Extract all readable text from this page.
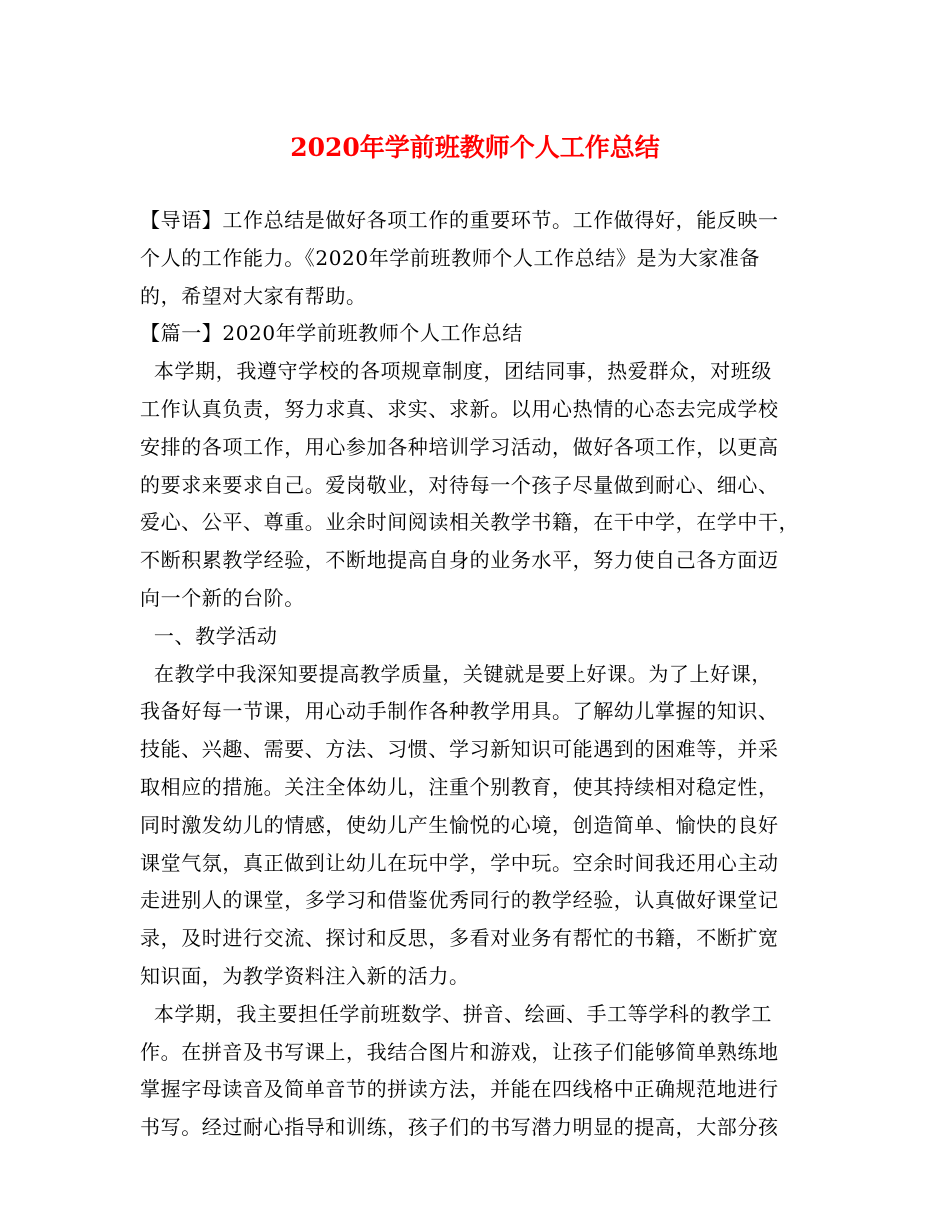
2020年学前班教师个人工作总结
【导语】工作总结是做好各项工作的重要环节。工作做得好，能反映一
个人的工作能力。《2020年学前班教师个人工作总结》是为大家准备
的，希望对大家有帮助。
【篇一】2020年学前班教师个人工作总结
本学期，我遵守学校的各项规章制度，团结同事，热爱群众，对班级
工作认真负责，努力求真、求实、求新。以用心热情的心态去完成学校
安排的各项工作，用心参加各种培训学习活动，做好各项工作，以更高
的要求来要求自己。爱岗敬业，对待每一个孩子尽量做到耐心、细心、
爱心、公平、尊重。业余时间阅读相关教学书籍，在干中学，在学中干，
不断积累教学经验，不断地提高自身的业务水平，努力使自己各方面迈
向一个新的台阶。
一、教学活动
在教学中我深知要提高教学质量，关键就是要上好课。为了上好课，
我备好每一节课，用心动手制作各种教学用具。了解幼儿掌握的知识、
技能、兴趣、需要、方法、习惯、学习新知识可能遇到的困难等，并采
取相应的措施。关注全体幼儿，注重个别教育，使其持续相对稳定性，
同时激发幼儿的情感，使幼儿产生愉悦的心境，创造简单、愉快的良好
课堂气氛，真正做到让幼儿在玩中学，学中玩。空余时间我还用心主动
走进别人的课堂，多学习和借鉴优秀同行的教学经验，认真做好课堂记
录，及时进行交流、探讨和反思，多看对业务有帮忙的书籍，不断扩宽
知识面，为教学资料注入新的活力。
本学期，我主要担任学前班数学、拼音、绘画、手工等学科的教学工
作。在拼音及书写课上，我结合图片和游戏，让孩子们能够简单熟练地
掌握字母读音及简单音节的拼读方法，并能在四线格中正确规范地进行
书写。经过耐心指导和训练，孩子们的书写潜力明显的提高，大部分孩
